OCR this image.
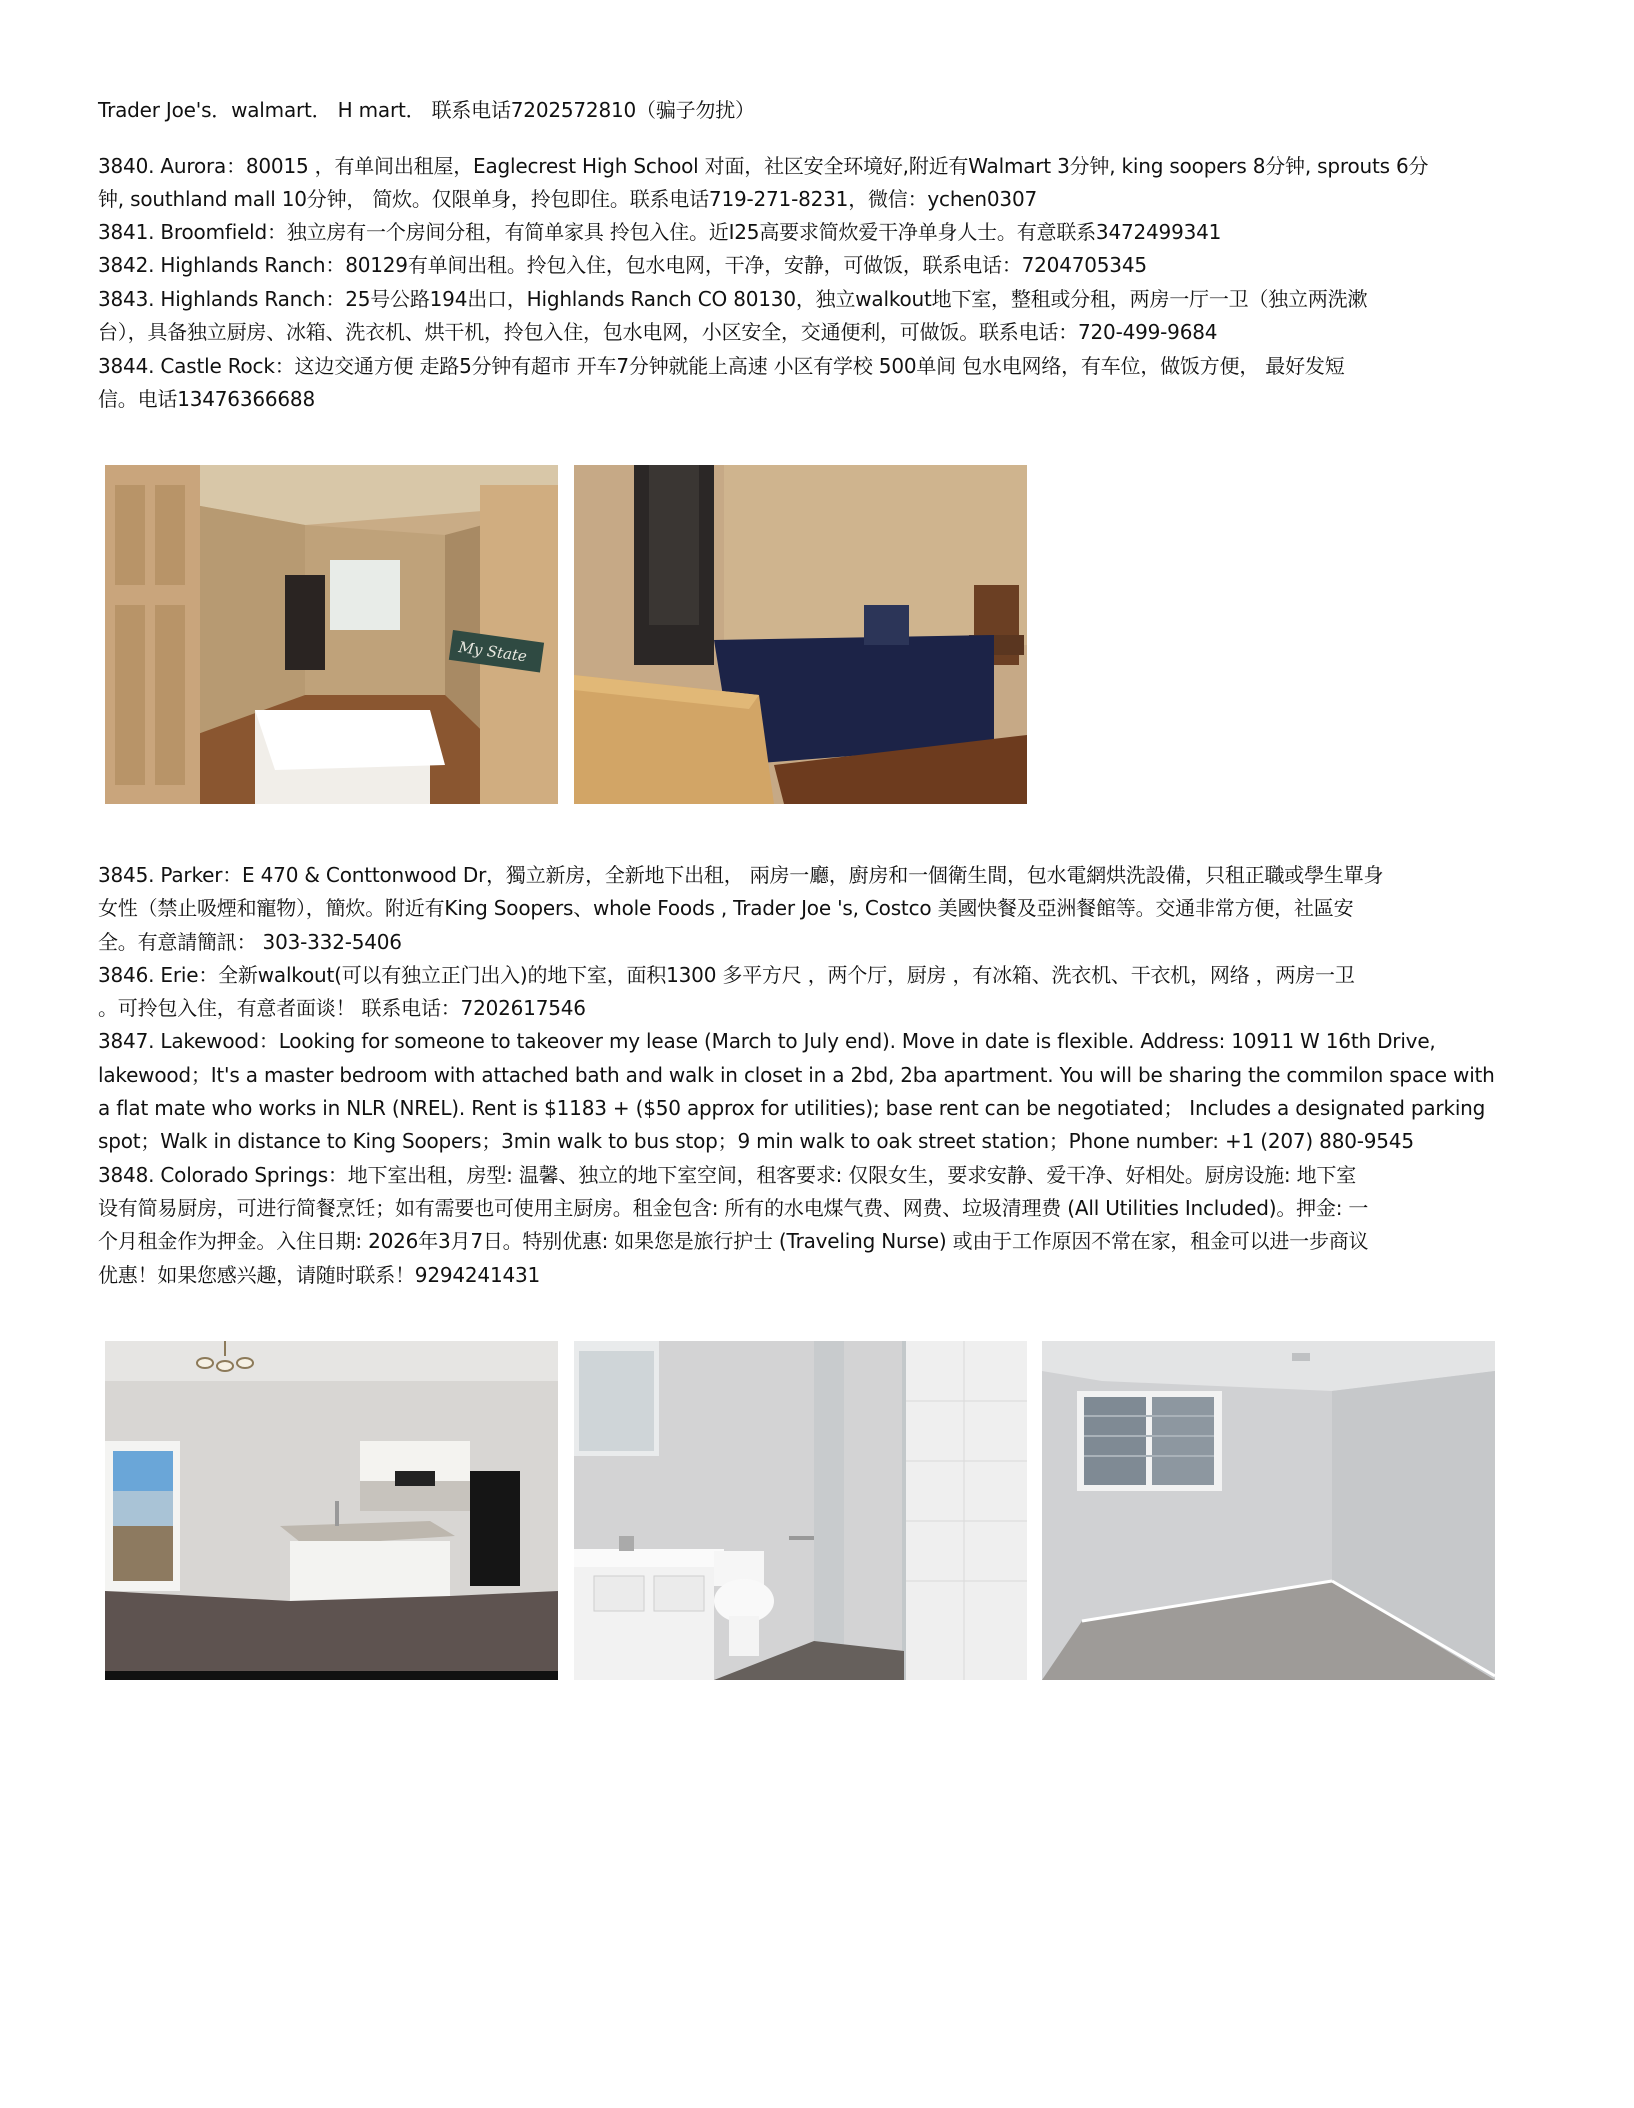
Trader Joe's．walmart． H mart． 联系电话7202572810（骗子勿扰）
3840. Aurora：80015 ，有单间出租屋，Eaglecrest High School 对面，社区安全环境好,附近有Walmart 3分钟, king soopers 8分钟, sprouts 6分
钟, southland mall 10分钟， 简炊。仅限单身，拎包即住。联系电话719-271-8231，微信：ychen0307
3841. Broomfield：独立房有一个房间分租，有简单家具 拎包入住。近I25高要求简炊爱干净单身人士。有意联系3472499341
3842. Highlands Ranch：80129有单间出租。拎包入住，包水电网，干净，安静，可做饭，联系电话：7204705345
3843. Highlands Ranch：25号公路194出口，Highlands Ranch CO 80130，独立walkout地下室，整租或分租，两房一厅一卫（独立两洗漱
台），具备独立厨房、冰箱、洗衣机、烘干机，拎包入住，包水电网，小区安全，交通便利，可做饭。联系电话：720-499-9684
3844. Castle Rock：这边交通方便 走路5分钟有超市 开车7分钟就能上高速 小区有学校 500单间 包水电网络，有车位，做饭方便， 最好发短
信。电话13476366688
My State
3845. Parker：E 470 & Conttonwood Dr，獨立新房，全新地下出租， 兩房一廳，廚房和一個衛生間，包水電網烘洗設備，只租正職或學生單身
女性（禁止吸煙和寵物），簡炊。附近有King Soopers、whole Foods , Trader Joe 's, Costco 美國快餐及亞洲餐館等。交通非常方便，社區安
全。有意請簡訊： 303-332-5406
3846. Erie：全新walkout(可以有独立正门出入)的地下室，面积1300 多平方尺 ，两个厅，厨房 ，有冰箱、洗衣机、干衣机，网络 ，两房一卫
。可拎包入住，有意者面谈！ 联系电话：7202617546
3847. Lakewood：Looking for someone to takeover my lease (March to July end). Move in date is flexible. Address: 10911 W 16th Drive,
lakewood；It's a master bedroom with attached bath and walk in closet in a 2bd, 2ba apartment. You will be sharing the commilon space with
a flat mate who works in NLR (NREL). Rent is $1183 + ($50 approx for utilities); base rent can be negotiated； Includes a designated parking
spot；Walk in distance to King Soopers；3min walk to bus stop；9 min walk to oak street station；Phone number: +1 (207) 880-9545
3848. Colorado Springs：地下室出租，房型: 温馨、独立的地下室空间，租客要求: 仅限女生，要求安静、爱干净、好相处。厨房设施: 地下室
设有简易厨房，可进行简餐烹饪；如有需要也可使用主厨房。租金包含: 所有的水电煤气费、网费、垃圾清理费 (All Utilities Included)。押金: 一
个月租金作为押金。入住日期: 2026年3月7日。特别优惠: 如果您是旅行护士 (Traveling Nurse) 或由于工作原因不常在家，租金可以进一步商议
优惠！如果您感兴趣，请随时联系！9294241431
